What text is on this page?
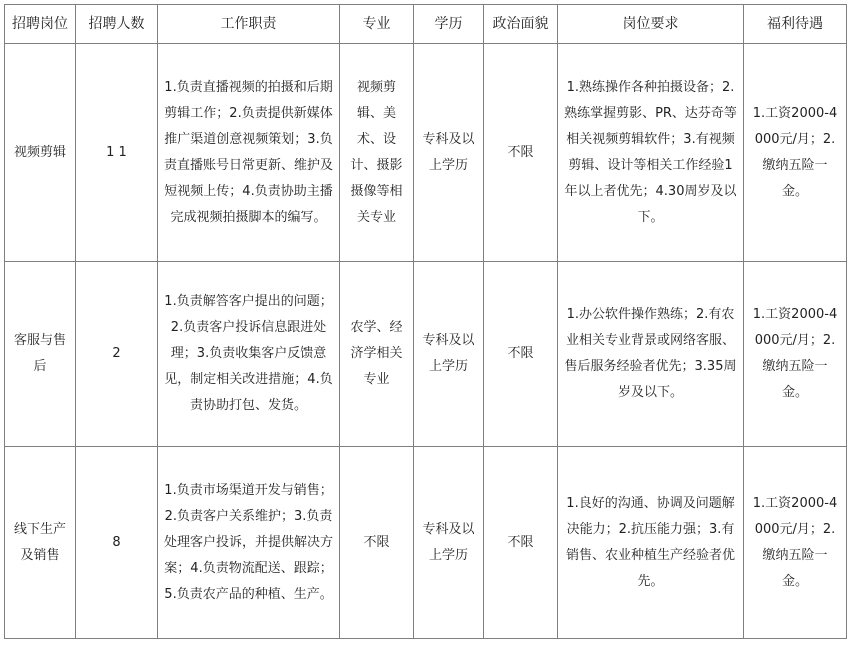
招聘岗位	招聘人数	工作职责	专业	学历	政治面貌	岗位要求	福利待遇
视频剪辑	1 1	1.负责直播视频的拍摄和后期剪辑工作；2.负责提供新媒体推广渠道创意视频策划；3.负责直播账号日常更新、维护及短视频上传；4.负责协助主播完成视频拍摄脚本的编写。	视频剪辑、美术、设计、摄影摄像等相关专业	专科及以上学历	不限	1.熟练操作各种拍摄设备；2.熟练掌握剪影、PR、达芬奇等相关视频剪辑软件；3.有视频剪辑、设计等相关工作经验1年以上者优先；4.30周岁及以下。	1.工资2000-4000元/月；2.缴纳五险一金。
客服与售后	2	1.负责解答客户提出的问题；2.负责客户投诉信息跟进处理；3.负责收集客户反馈意见，制定相关改进措施；4.负责协助打包、发货。	农学、经济学相关专业	专科及以上学历	不限	1.办公软件操作熟练；2.有农业相关专业背景或网络客服、售后服务经验者优先；3.35周岁及以下。	1.工资2000-4000元/月；2.缴纳五险一金。
线下生产及销售	8	1.负责市场渠道开发与销售；2.负责客户关系维护；3.负责处理客户投诉，并提供解决方案；4.负责物流配送、跟踪；5.负责农产品的种植、生产。	不限	专科及以上学历	不限	1.良好的沟通、协调及问题解决能力；2.抗压能力强；3.有销售、农业种植生产经验者优先。	1.工资2000-4000元/月；2.缴纳五险一金。
